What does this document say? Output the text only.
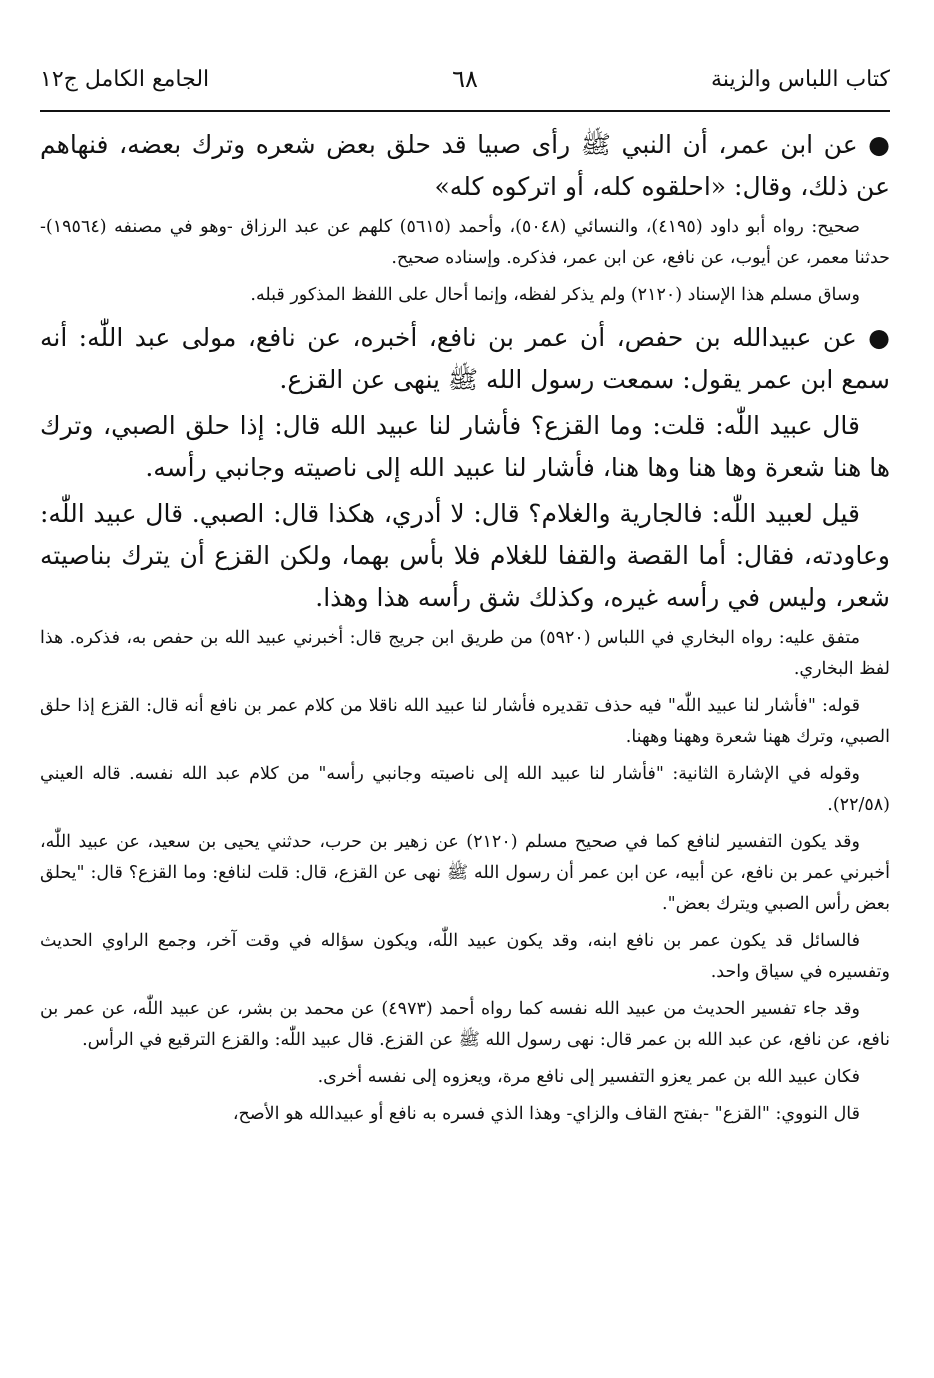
كتاب اللباس والزينة
٦٨
الجامع الكامل ج١٢

● عن ابن عمر، أن النبي ﷺ رأى صبيا قد حلق بعض شعره وترك بعضه، فنهاهم عن ذلك، وقال: «احلقوه كله، أو اتركوه كله»

صحيح: رواه أبو داود (٤١٩٥)، والنسائي (٥٠٤٨)، وأحمد (٥٦١٥) كلهم عن عبد الرزاق -وهو في مصنفه (١٩٥٦٤)- حدثنا معمر، عن أيوب، عن نافع، عن ابن عمر، فذكره. وإسناده صحيح.

وساق مسلم هذا الإسناد (٢١٢٠) ولم يذكر لفظه، وإنما أحال على اللفظ المذكور قبله.

● عن عبيدالله بن حفص، أن عمر بن نافع، أخبره، عن نافع، مولى عبد اللّٰه: أنه سمع ابن عمر يقول: سمعت رسول الله ﷺ ينهى عن القزع.

قال عبيد اللّٰه: قلت: وما القزع؟ فأشار لنا عبيد الله قال: إذا حلق الصبي، وترك ها هنا شعرة وها هنا وها هنا، فأشار لنا عبيد الله إلى ناصيته وجانبي رأسه.

قيل لعبيد اللّٰه: فالجارية والغلام؟ قال: لا أدري، هكذا قال: الصبي. قال عبيد اللّٰه: وعاودته، فقال: أما القصة والقفا للغلام فلا بأس بهما، ولكن القزع أن يترك بناصيته شعر، وليس في رأسه غيره، وكذلك شق رأسه هذا وهذا.

متفق عليه: رواه البخاري في اللباس (٥٩٢٠) من طريق ابن جريج قال: أخبرني عبيد الله بن حفص به، فذكره. هذا لفظ البخاري.

قوله: "فأشار لنا عبيد اللّٰه" فيه حذف تقديره فأشار لنا عبيد الله ناقلا من كلام عمر بن نافع أنه قال: القزع إذا حلق الصبي، وترك ههنا شعرة وههنا وههنا.

وقوله في الإشارة الثانية: "فأشار لنا عبيد الله إلى ناصيته وجانبي رأسه" من كلام عبد الله نفسه. قاله العيني (٢٢/٥٨).

وقد يكون التفسير لنافع كما في صحيح مسلم (٢١٢٠) عن زهير بن حرب، حدثني يحيى بن سعيد، عن عبيد اللّٰه، أخبرني عمر بن نافع، عن أبيه، عن ابن عمر أن رسول الله ﷺ نهى عن القزع، قال: قلت لنافع: وما القزع؟ قال: "يحلق بعض رأس الصبي ويترك بعض".

فالسائل قد يكون عمر بن نافع ابنه، وقد يكون عبيد اللّٰه، ويكون سؤاله في وقت آخر، وجمع الراوي الحديث وتفسيره في سياق واحد.

وقد جاء تفسير الحديث من عبيد الله نفسه كما رواه أحمد (٤٩٧٣) عن محمد بن بشر، عن عبيد اللّٰه، عن عمر بن نافع، عن نافع، عن عبد الله بن عمر قال: نهى رسول الله ﷺ عن القزع. قال عبيد اللّٰه: والقزع الترقيع في الرأس.

فكان عبيد الله بن عمر يعزو التفسير إلى نافع مرة، ويعزوه إلى نفسه أخرى.

قال النووي: "القزع" -بفتح القاف والزاي- وهذا الذي فسره به نافع أو عبيدالله هو الأصح،
